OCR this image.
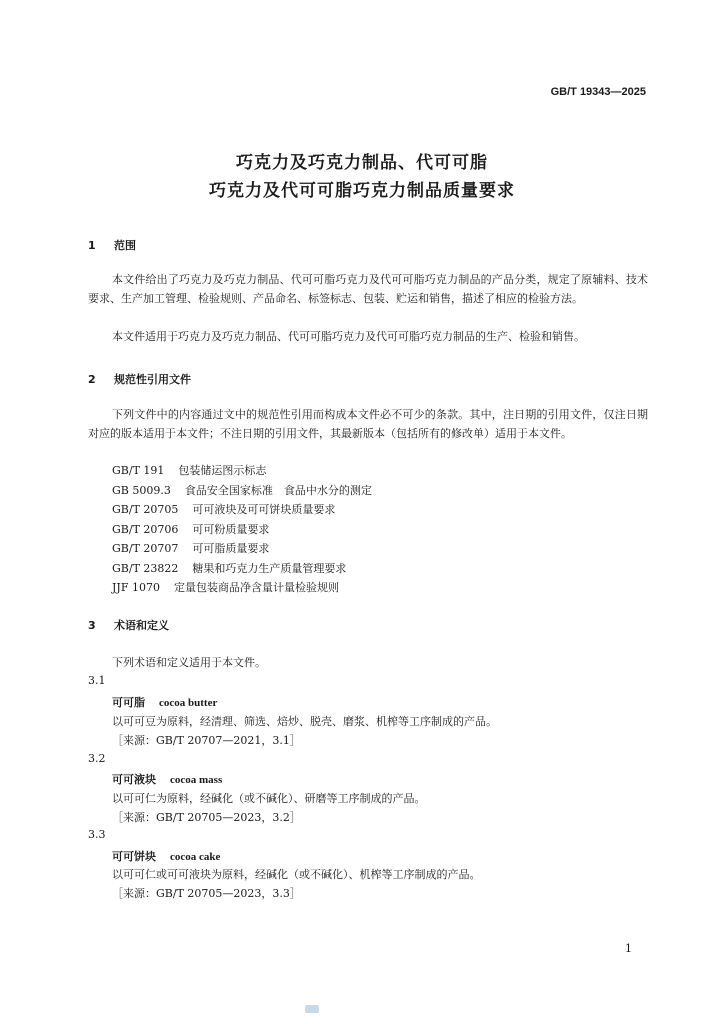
GB/T 19343—2025
巧克力及巧克力制品、代可可脂
巧克力及代可可脂巧克力制品质量要求
1 范围
本文件给出了巧克力及巧克力制品、代可可脂巧克力及代可可脂巧克力制品的产品分类，规定了原辅料、技术要求、生产加工管理、检验规则、产品命名、标签标志、包装、贮运和销售，描述了相应的检验方法。
本文件适用于巧克力及巧克力制品、代可可脂巧克力及代可可脂巧克力制品的生产、检验和销售。
2 规范性引用文件
下列文件中的内容通过文中的规范性引用而构成本文件必不可少的条款。其中，注日期的引用文件，仅注日期对应的版本适用于本文件；不注日期的引用文件，其最新版本（包括所有的修改单）适用于本文件。
GB/T 191 包装储运图示标志
GB 5009.3 食品安全国家标准　食品中水分的测定
GB/T 20705 可可液块及可可饼块质量要求
GB/T 20706 可可粉质量要求
GB/T 20707 可可脂质量要求
GB/T 23822 糖果和巧克力生产质量管理要求
JJF 1070 定量包装商品净含量计量检验规则
3 术语和定义
下列术语和定义适用于本文件。
3.1
可可脂 cocoa butter
以可可豆为原料，经清理、筛选、焙炒、脱壳、磨浆、机榨等工序制成的产品。
［来源：GB/T 20707—2021，3.1］
3.2
可可液块 cocoa mass
以可可仁为原料，经碱化（或不碱化）、研磨等工序制成的产品。
［来源：GB/T 20705—2023，3.2］
3.3
可可饼块 cocoa cake
以可可仁或可可液块为原料，经碱化（或不碱化）、机榨等工序制成的产品。
［来源：GB/T 20705—2023，3.3］
1
